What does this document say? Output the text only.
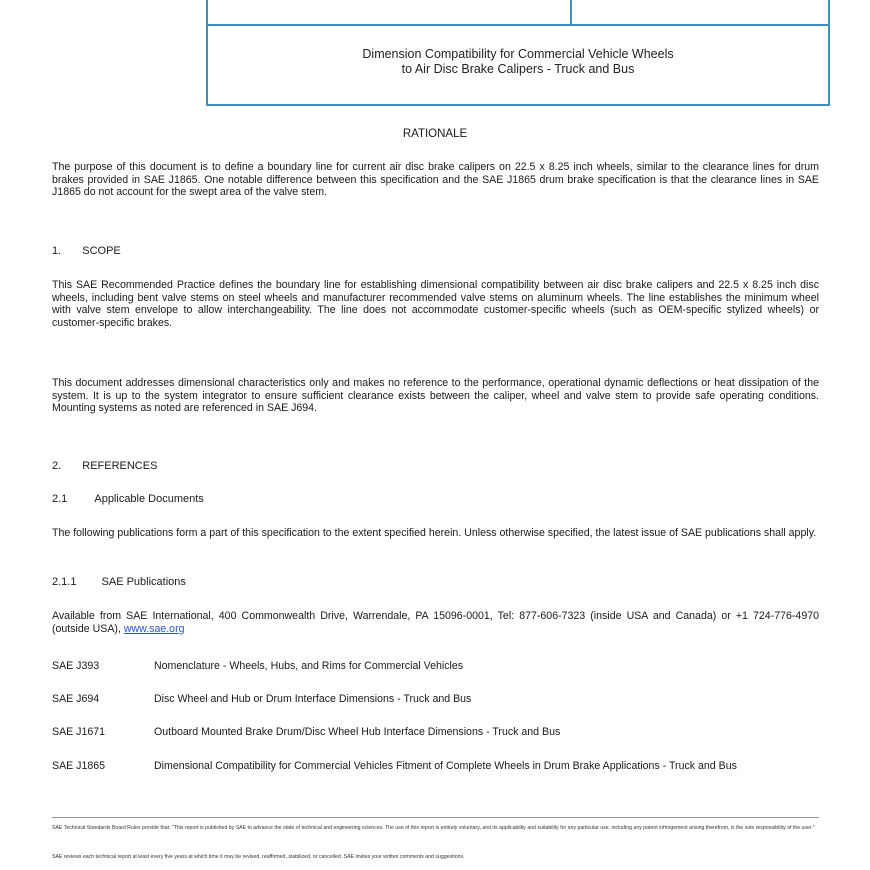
Dimension Compatibility for Commercial Vehicle Wheels
to Air Disc Brake Calipers - Truck and Bus
RATIONALE

The purpose of this document is to define a boundary line for current air disc brake calipers on 22.5 x 8.25 inch wheels, similar to the clearance lines for drum brakes provided in SAE J1865. One notable difference between this specification and the SAE J1865 drum brake specification is that the clearance lines in SAE J1865 do not account for the swept area of the valve stem.

1. SCOPE

This SAE Recommended Practice defines the boundary line for establishing dimensional compatibility between air disc brake calipers and 22.5 x 8.25 inch disc wheels, including bent valve stems on steel wheels and manufacturer recommended valve stems on aluminum wheels. The line establishes the minimum wheel with valve stem envelope to allow interchangeability. The line does not accommodate customer-specific wheels (such as OEM-specific stylized wheels) or customer-specific brakes.

This document addresses dimensional characteristics only and makes no reference to the performance, operational dynamic deflections or heat dissipation of the system. It is up to the system integrator to ensure sufficient clearance exists between the caliper, wheel and valve stem to provide safe operating conditions. Mounting systems as noted are referenced in SAE J694.

2. REFERENCES
2.1 Applicable Documents

The following publications form a part of this specification to the extent specified herein. Unless otherwise specified, the latest issue of SAE publications shall apply.

2.1.1 SAE Publications

Available from SAE International, 400 Commonwealth Drive, Warrendale, PA 15096-0001, Tel: 877-606-7323 (inside USA and Canada) or +1 724-776-4970 (outside USA), www.sae.org

SAE J393	Nomenclature - Wheels, Hubs, and Rims for Commercial Vehicles
SAE J694	Disc Wheel and Hub or Drum Interface Dimensions - Truck and Bus
SAE J1671	Outboard Mounted Brake Drum/Disc Wheel Hub Interface Dimensions - Truck and Bus
SAE J1865	Dimensional Compatibility for Commercial Vehicles Fitment of Complete Wheels in Drum Brake Applications - Truck and Bus
SAE Technical Standards Board Rules provide that: "This report is published by SAE to advance the state of technical and engineering sciences. The use of this report is entirely voluntary, and its applicability and suitability for any particular use, including any patent infringement arising therefrom, is the sole responsibility of the user."
SAE reviews each technical report at least every five years at which time it may be revised, reaffirmed, stabilized, or cancelled. SAE invites your written comments and suggestions.
